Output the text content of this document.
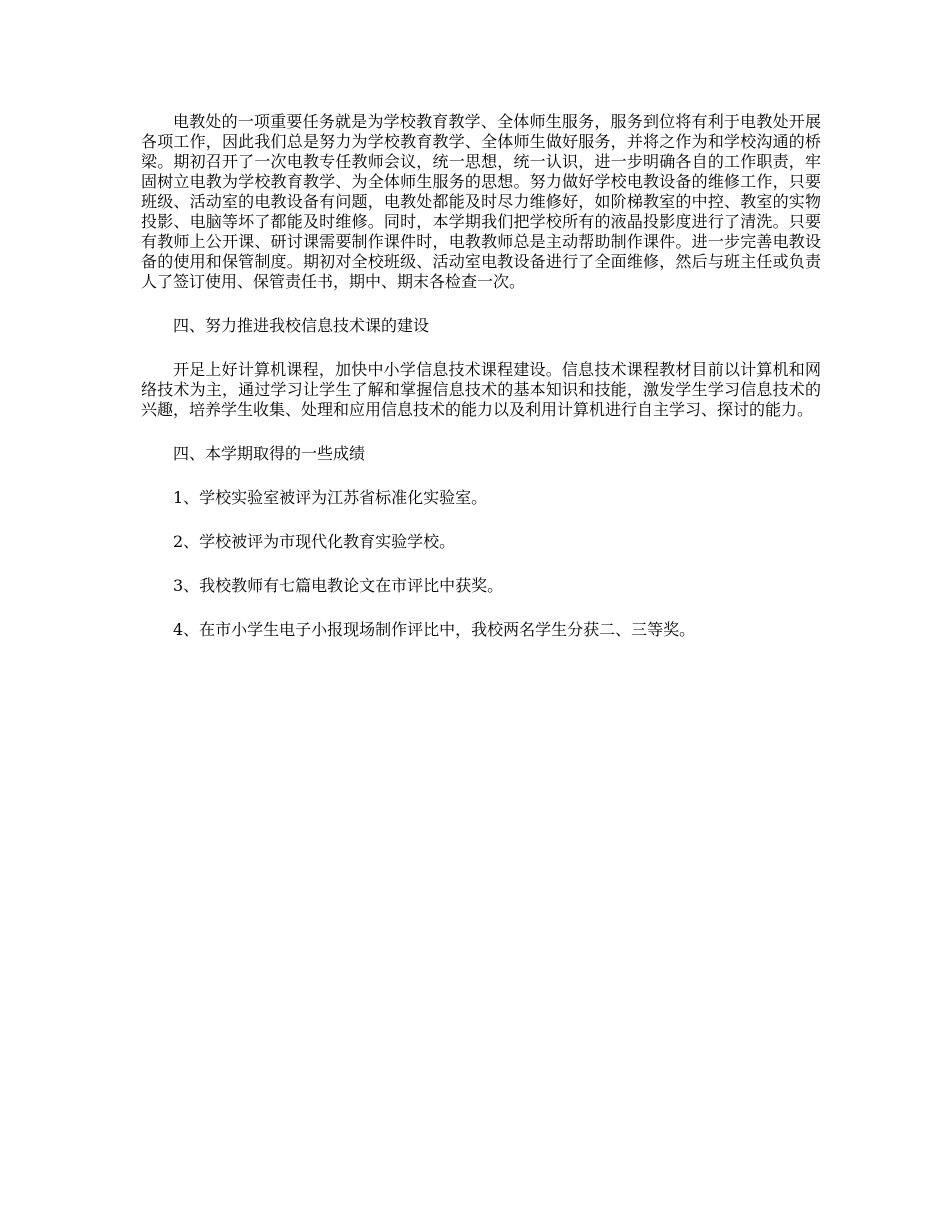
电教处的一项重要任务就是为学校教育教学、全体师生服务，服务到位将有利于电教处开展各项工作，因此我们总是努力为学校教育教学、全体师生做好服务，并将之作为和学校沟通的桥梁。期初召开了一次电教专任教师会议，统一思想，统一认识，进一步明确各自的工作职责，牢固树立电教为学校教育教学、为全体师生服务的思想。努力做好学校电教设备的维修工作，只要班级、活动室的电教设备有问题，电教处都能及时尽力维修好，如阶梯教室的中控、教室的实物投影、电脑等坏了都能及时维修。同时，本学期我们把学校所有的液晶投影度进行了清洗。只要有教师上公开课、研讨课需要制作课件时，电教教师总是主动帮助制作课件。进一步完善电教设备的使用和保管制度。期初对全校班级、活动室电教设备进行了全面维修，然后与班主任或负责人了签订使用、保管责任书，期中、期末各检查一次。

四、努力推进我校信息技术课的建设

开足上好计算机课程，加快中小学信息技术课程建设。信息技术课程教材目前以计算机和网络技术为主，通过学习让学生了解和掌握信息技术的基本知识和技能，激发学生学习信息技术的兴趣，培养学生收集、处理和应用信息技术的能力以及利用计算机进行自主学习、探讨的能力。

四、本学期取得的一些成绩

1、学校实验室被评为江苏省标准化实验室。

2、学校被评为市现代化教育实验学校。

3、我校教师有七篇电教论文在市评比中获奖。

4、在市小学生电子小报现场制作评比中，我校两名学生分获二、三等奖。
